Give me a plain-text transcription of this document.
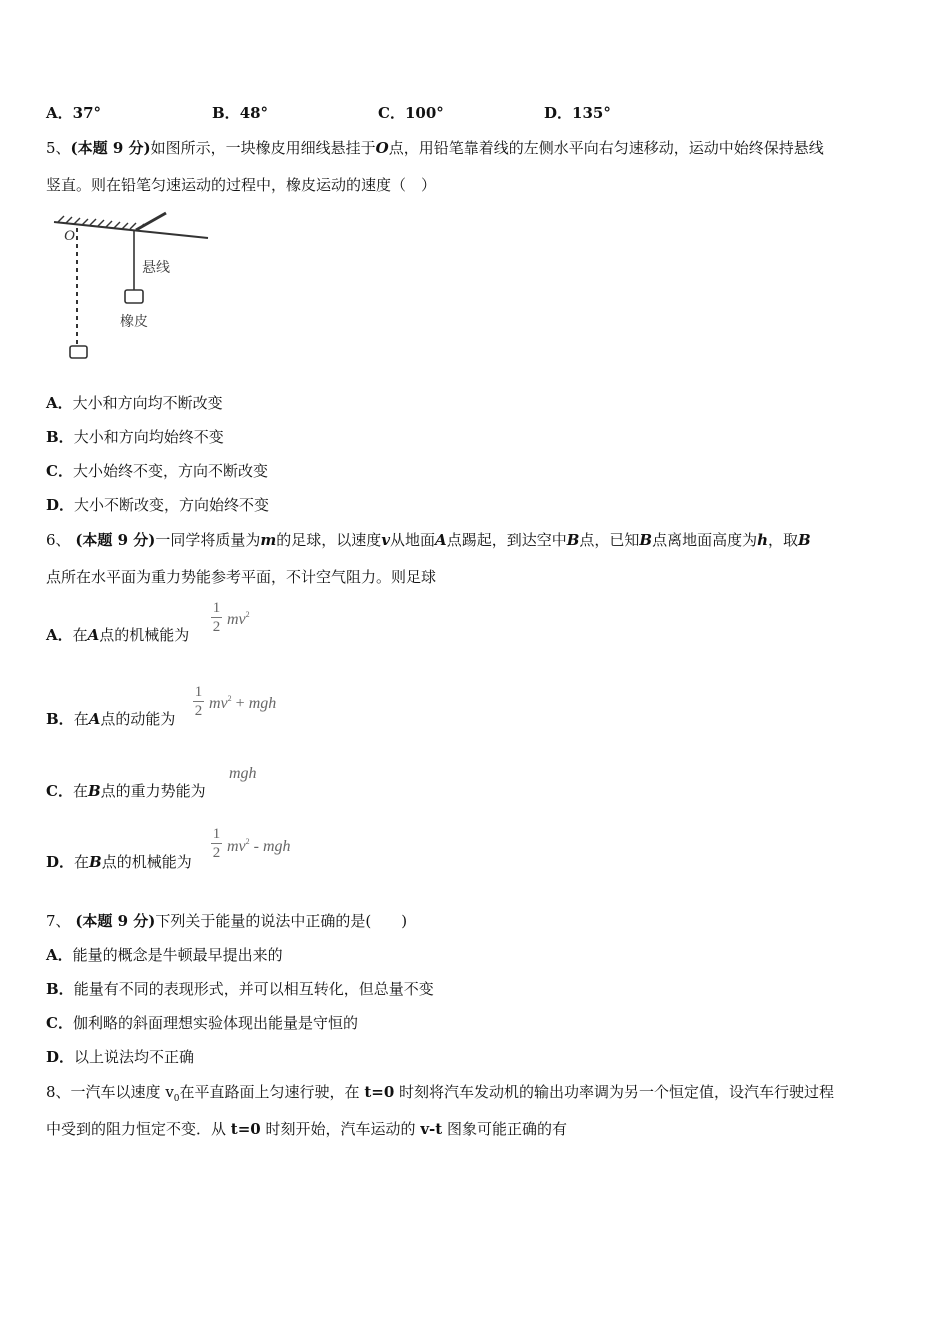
A．37°	B．48°	C．100°	D．135°
5、(本题 9 分)如图所示，一块橡皮用细线悬挂于O点，用铅笔靠着线的左侧水平向右匀速移动，运动中始终保持悬线
竖直。则在铅笔匀速运动的过程中，橡皮运动的速度（　）
O
悬线
橡皮
A．大小和方向均不断改变
B．大小和方向均始终不变
C．大小始终不变，方向不断改变
D．大小不断改变，方向始终不变
6、 (本题 9 分)一同学将质量为m的足球，以速度v从地面A点踢起，到达空中B点，已知B点离地面高度为h，取B
点所在水平面为重力势能参考平面，不计空气阻力。则足球
A．在A点的机械能为
1
2 $mv^2$
B．在A点的动能为
1
2 $mv^2$ + mgh
C．在B点的重力势能为
mgh
D．在B点的机械能为
1
2 $mv^2$ - mgh
7、 (本题 9 分)下列关于能量的说法中正确的是(　　)
A．能量的概念是牛顿最早提出来的
B．能量有不同的表现形式，并可以相互转化，但总量不变
C．伽利略的斜面理想实验体现出能量是守恒的
D．以上说法均不正确
8、一汽车以速度 $v_0$在平直路面上匀速行驶，在 t=0 时刻将汽车发动机的输出功率调为另一个恒定值，设汽车行驶过程
中受到的阻力恒定不变．从 t=0 时刻开始，汽车运动的 v-t 图象可能正确的有
